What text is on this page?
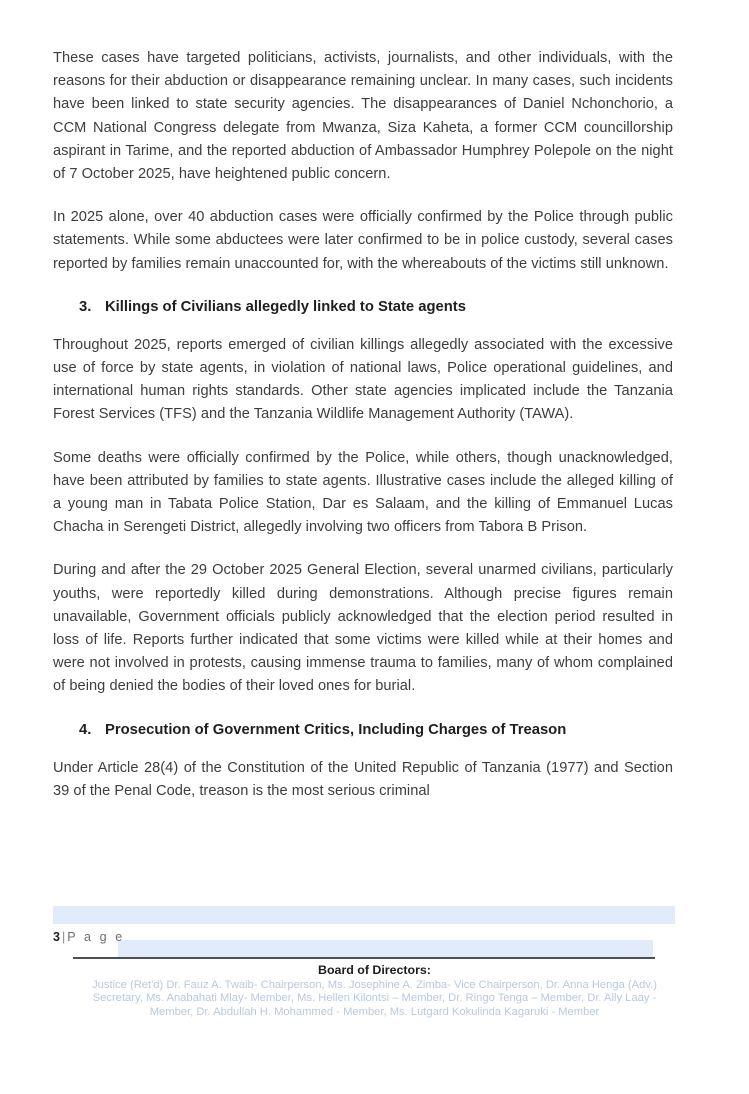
These cases have targeted politicians, activists, journalists, and other individuals, with the reasons for their abduction or disappearance remaining unclear. In many cases, such incidents have been linked to state security agencies. The disappearances of Daniel Nchonchorio, a CCM National Congress delegate from Mwanza, Siza Kaheta, a former CCM councillorship aspirant in Tarime, and the reported abduction of Ambassador Humphrey Polepole on the night of 7 October 2025, have heightened public concern.

In 2025 alone, over 40 abduction cases were officially confirmed by the Police through public statements. While some abductees were later confirmed to be in police custody, several cases reported by families remain unaccounted for, with the whereabouts of the victims still unknown.

3. Killings of Civilians allegedly linked to State agents

Throughout 2025, reports emerged of civilian killings allegedly associated with the excessive use of force by state agents, in violation of national laws, Police operational guidelines, and international human rights standards. Other state agencies implicated include the Tanzania Forest Services (TFS) and the Tanzania Wildlife Management Authority (TAWA).

Some deaths were officially confirmed by the Police, while others, though unacknowledged, have been attributed by families to state agents. Illustrative cases include the alleged killing of a young man in Tabata Police Station, Dar es Salaam, and the killing of Emmanuel Lucas Chacha in Serengeti District, allegedly involving two officers from Tabora B Prison.

During and after the 29 October 2025 General Election, several unarmed civilians, particularly youths, were reportedly killed during demonstrations. Although precise figures remain unavailable, Government officials publicly acknowledged that the election period resulted in loss of life. Reports further indicated that some victims were killed while at their homes and were not involved in protests, causing immense trauma to families, many of whom complained of being denied the bodies of their loved ones for burial.

4. Prosecution of Government Critics, Including Charges of Treason

Under Article 28(4) of the Constitution of the United Republic of Tanzania (1977) and Section 39 of the Penal Code, treason is the most serious criminal

3 | P a g e

Board of Directors:

Justice (Ret'd) Dr. Fauz A. Twaib- Chairperson, Ms. Josephine A. Zimba- Vice Chairperson, Dr. Anna Henga (Adv.)

Secretary, Ms. Anabahati Mlay- Member, Ms. Hellen Kilontsi – Member, Dr. Ringo Tenga – Member, Dr. Ally Laay -

Member, Dr. Abdullah H. Mohammed - Member, Ms. Lutgard Kokulinda Kagaruki - Member
